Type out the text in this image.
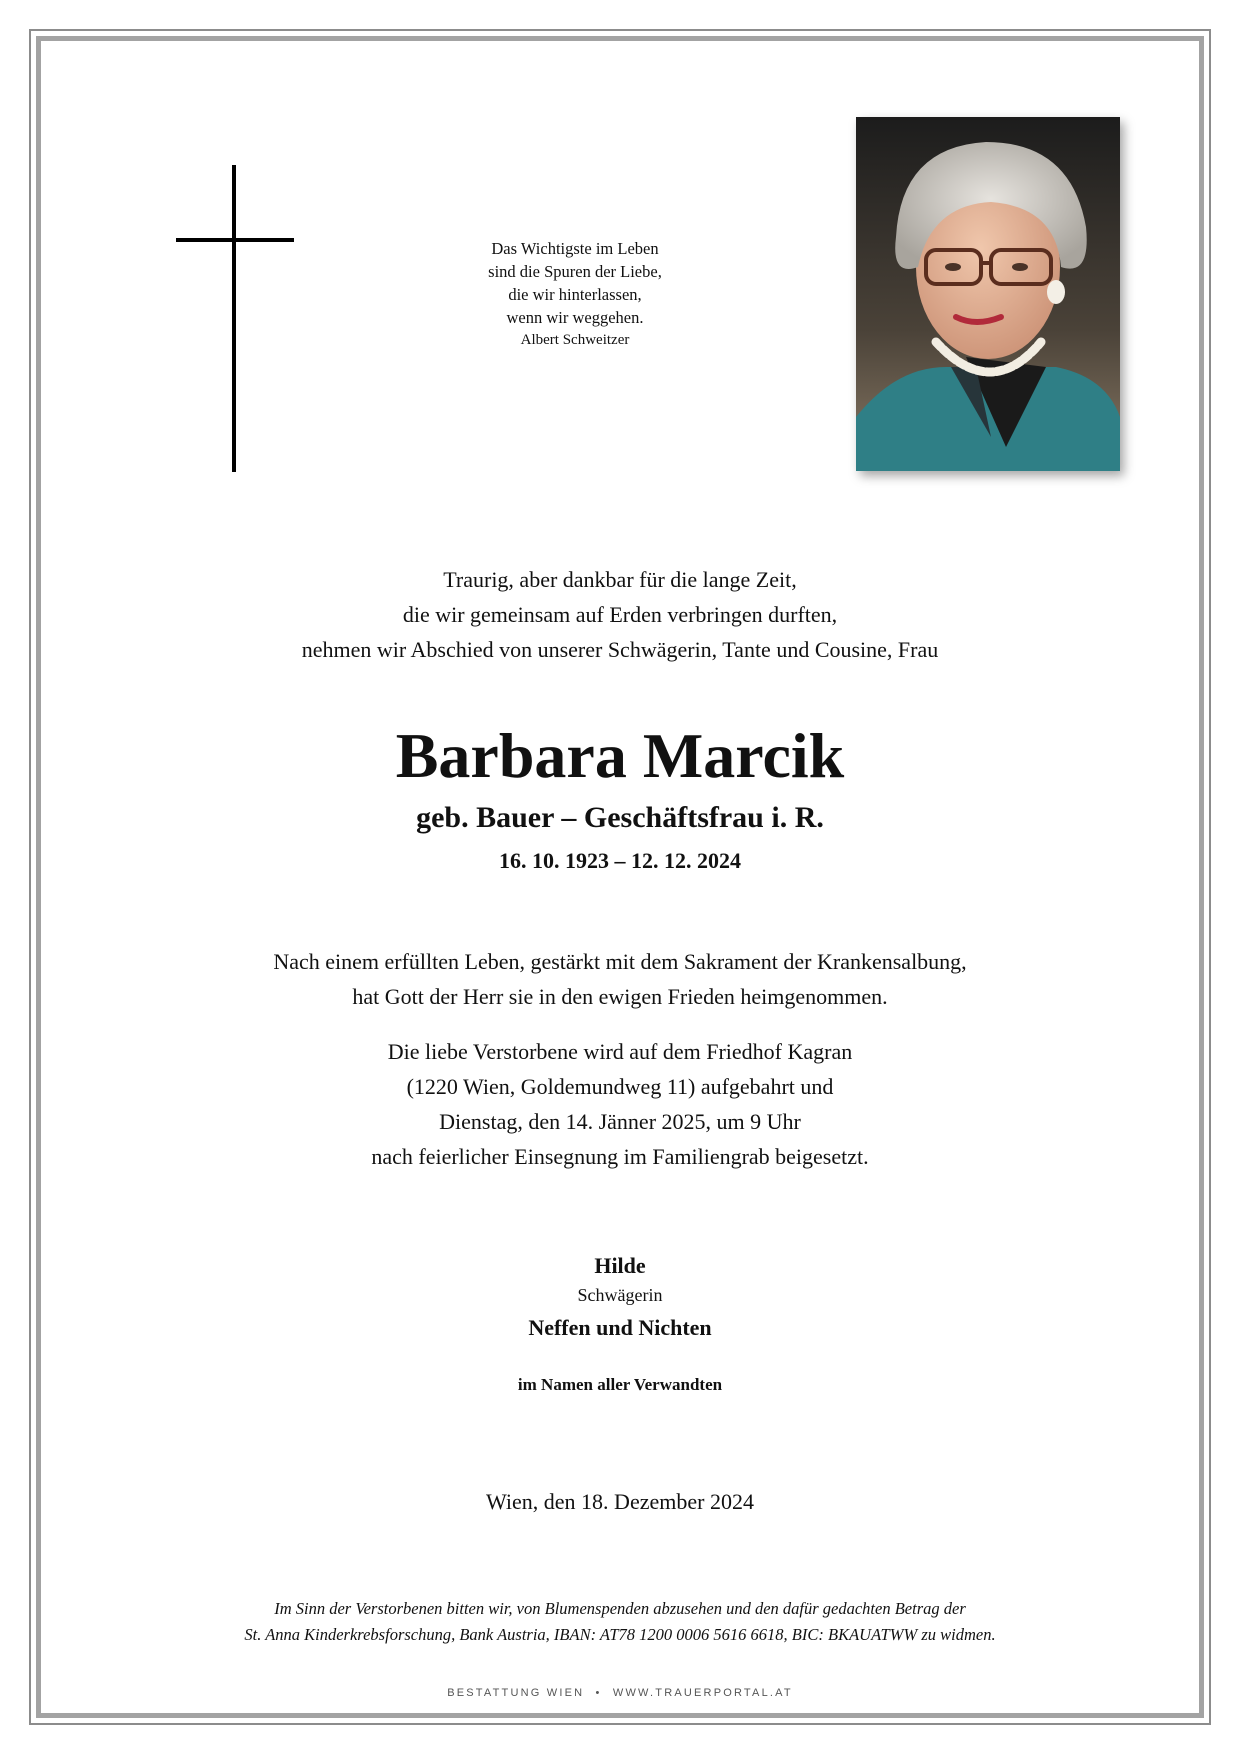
Das Wichtigste im Leben
sind die Spuren der Liebe,
die wir hinterlassen,
wenn wir weggehen.
Albert Schweitzer
Traurig, aber dankbar für die lange Zeit,
die wir gemeinsam auf Erden verbringen durften,
nehmen wir Abschied von unserer Schwägerin, Tante und Cousine, Frau
Barbara Marcik
geb. Bauer – Geschäftsfrau i. R.
16. 10. 1923 – 12. 12. 2024
Nach einem erfüllten Leben, gestärkt mit dem Sakrament der Krankensalbung,
hat Gott der Herr sie in den ewigen Frieden heimgenommen.
Die liebe Verstorbene wird auf dem Friedhof Kagran
(1220 Wien, Goldemundweg 11) aufgebahrt und
Dienstag, den 14. Jänner 2025, um 9 Uhr
nach feierlicher Einsegnung im Familiengrab beigesetzt.
Hilde
Schwägerin
Neffen und Nichten
im Namen aller Verwandten
Wien, den 18. Dezember 2024
Im Sinn der Verstorbenen bitten wir, von Blumenspenden abzusehen und den dafür gedachten Betrag der
St. Anna Kinderkrebsforschung, Bank Austria, IBAN: AT78 1200 0006 5616 6618, BIC: BKAUATWW zu widmen.
BESTATTUNG WIEN • WWW.TRAUERPORTAL.AT
